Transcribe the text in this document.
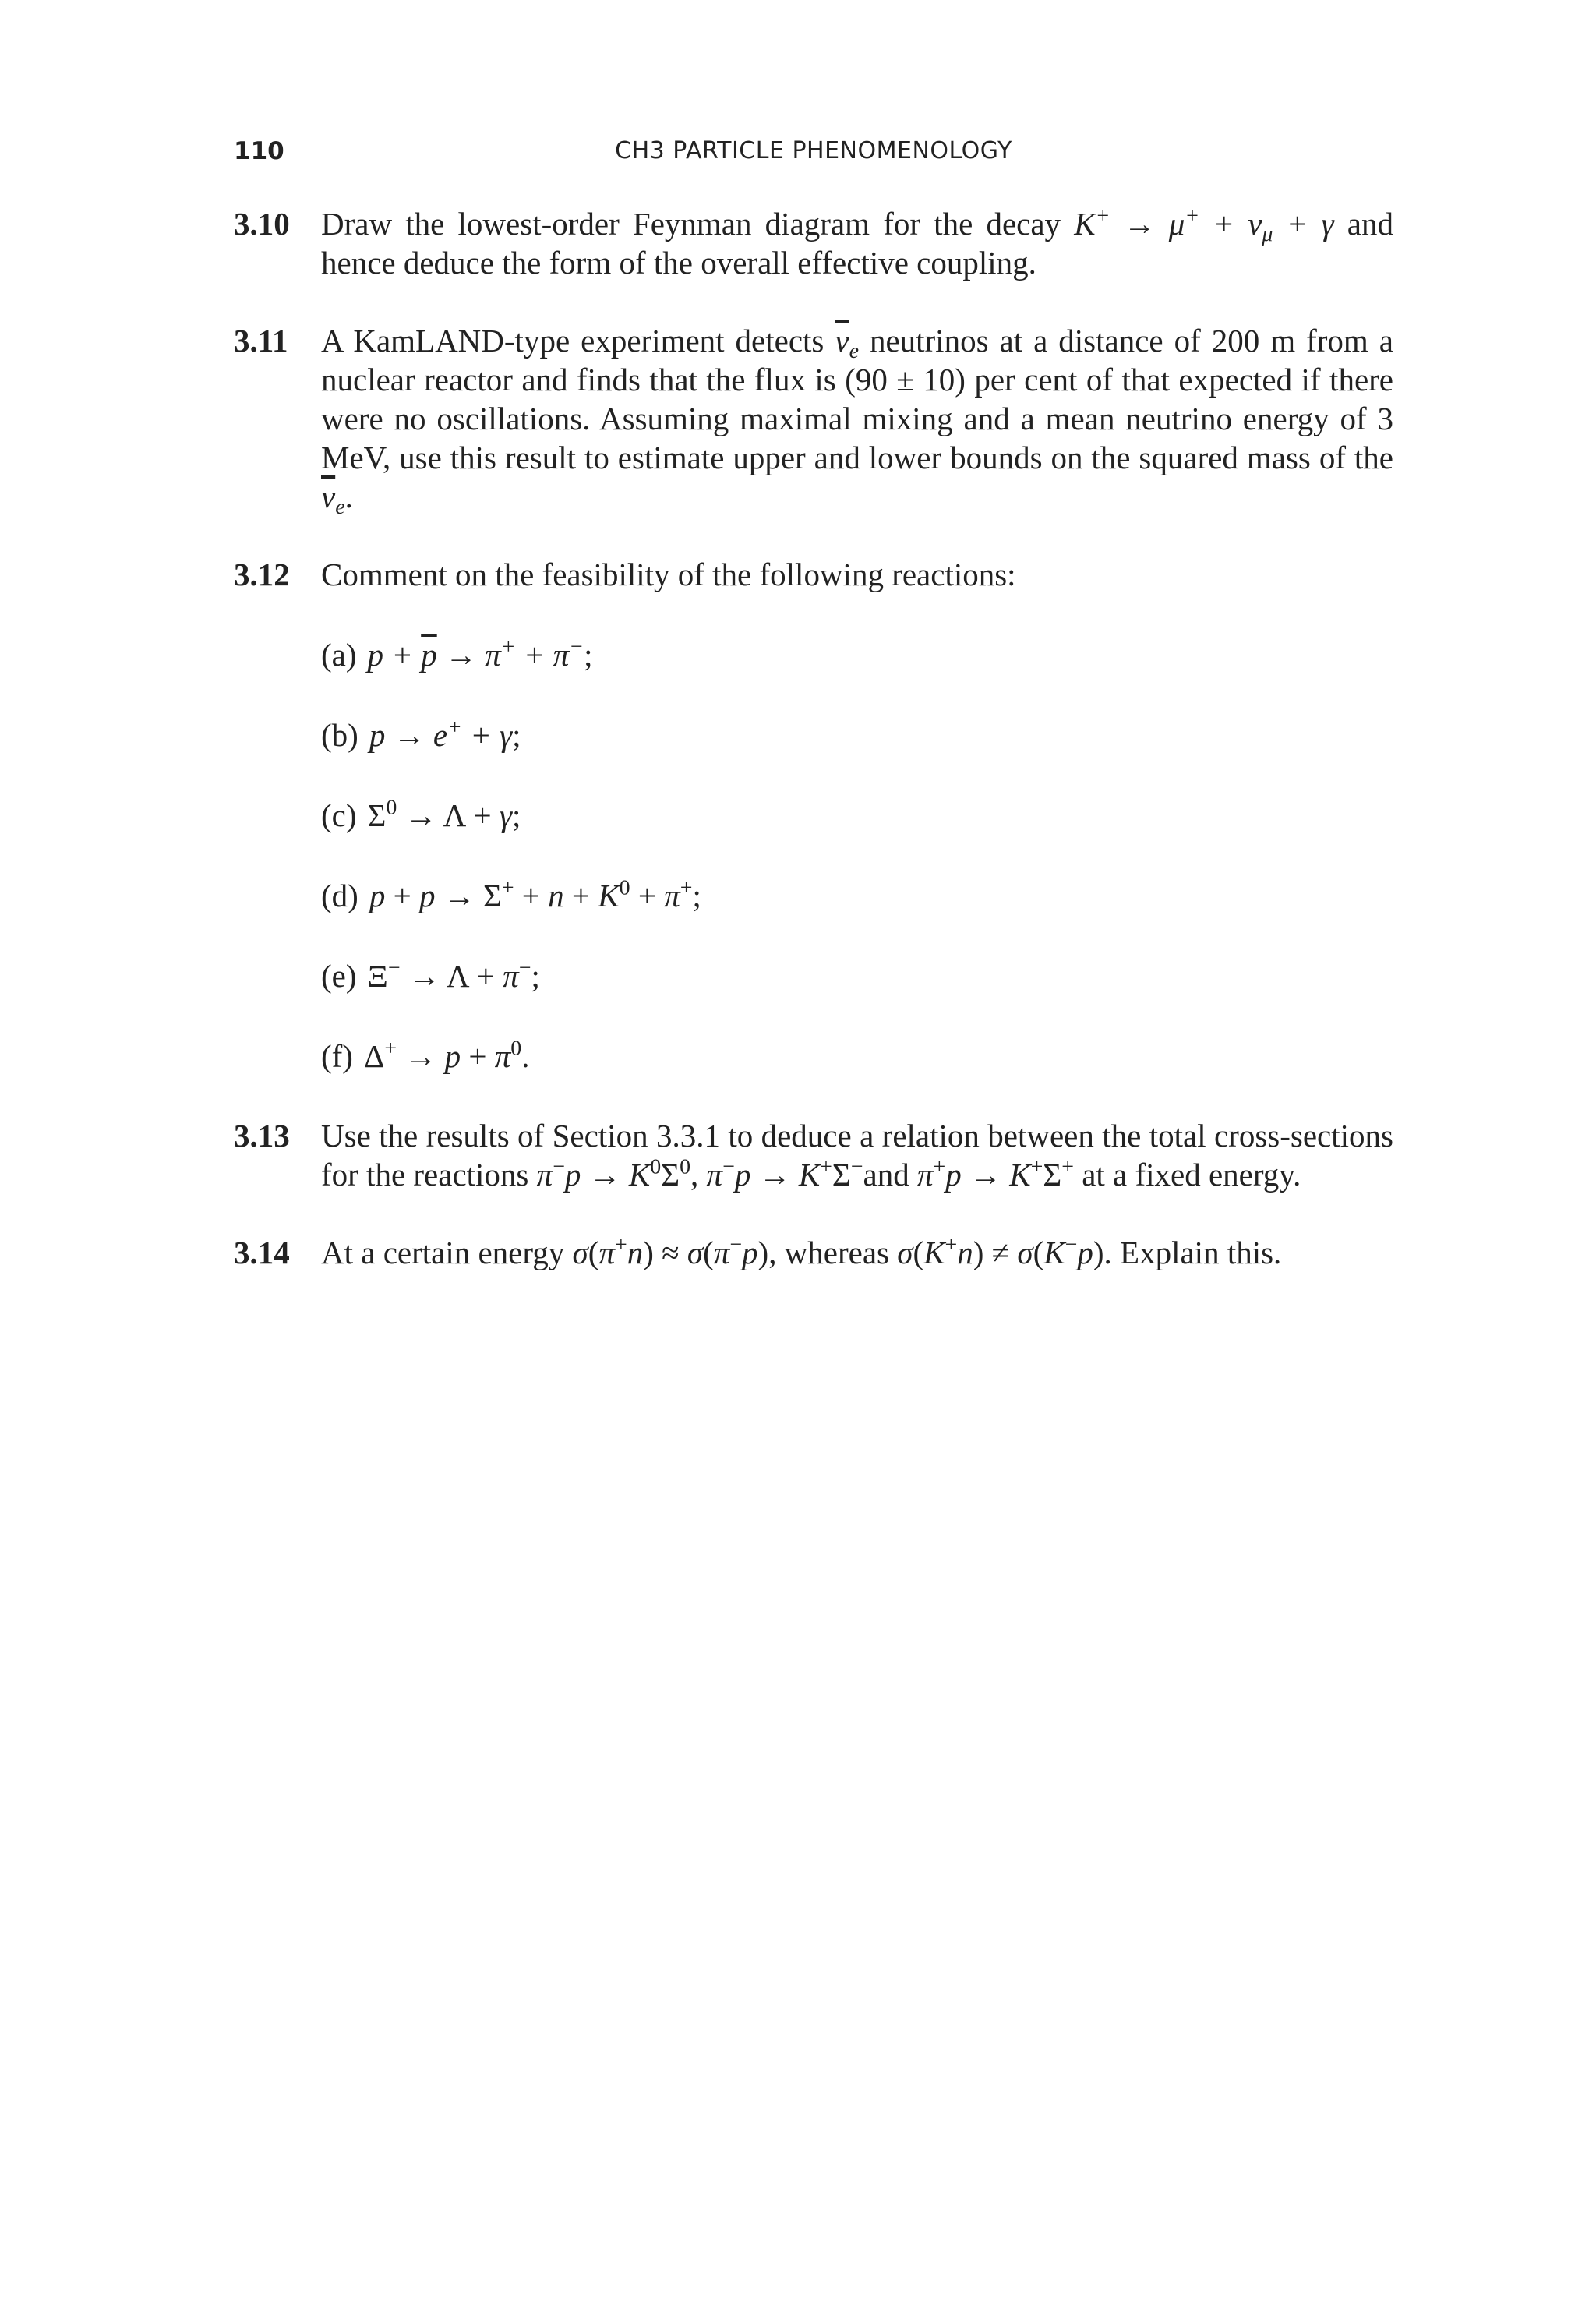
110	CH3 PARTICLE PHENOMENOLOGY
3.10 Draw the lowest-order Feynman diagram for the decay $K^+ \to \mu^+ + \nu_\mu + \gamma$ and hence deduce the form of the overall effective coupling.
3.11 A KamLAND-type experiment detects $\overline{\nu}_e$ neutrinos at a distance of 200 m from a nuclear reactor and finds that the flux is (90 ± 10) per cent of that expected if there were no oscillations. Assuming maximal mixing and a mean neutrino energy of 3 MeV, use this result to estimate upper and lower bounds on the squared mass of the $\overline{\nu}_e$.
3.12 Comment on the feasibility of the following reactions:
(a) $p + \overline{p} \to \pi^+ + \pi^-$;
(b) p → e+ + γ;
(c) $\Sigma^0 \to \Lambda + \gamma$;
(d) $p + p \to \Sigma^+ + n + K^0 + \pi^+$;
(e) Ξ− → Λ + π−;
(f) $\Delta^+ \to p + \pi^0$.
3.13 Use the results of Section 3.3.1 to deduce a relation between the total cross-sections for the reactions $\pi^-p \to K^0\Sigma^0$, π−p → K+Σ−and π+p → K+Σ+ at a fixed energy.
3.14 At a certain energy σ(π+n) ≈ σ(π−p), whereas σ(K+n) ≠ σ(K−p). Explain this.
